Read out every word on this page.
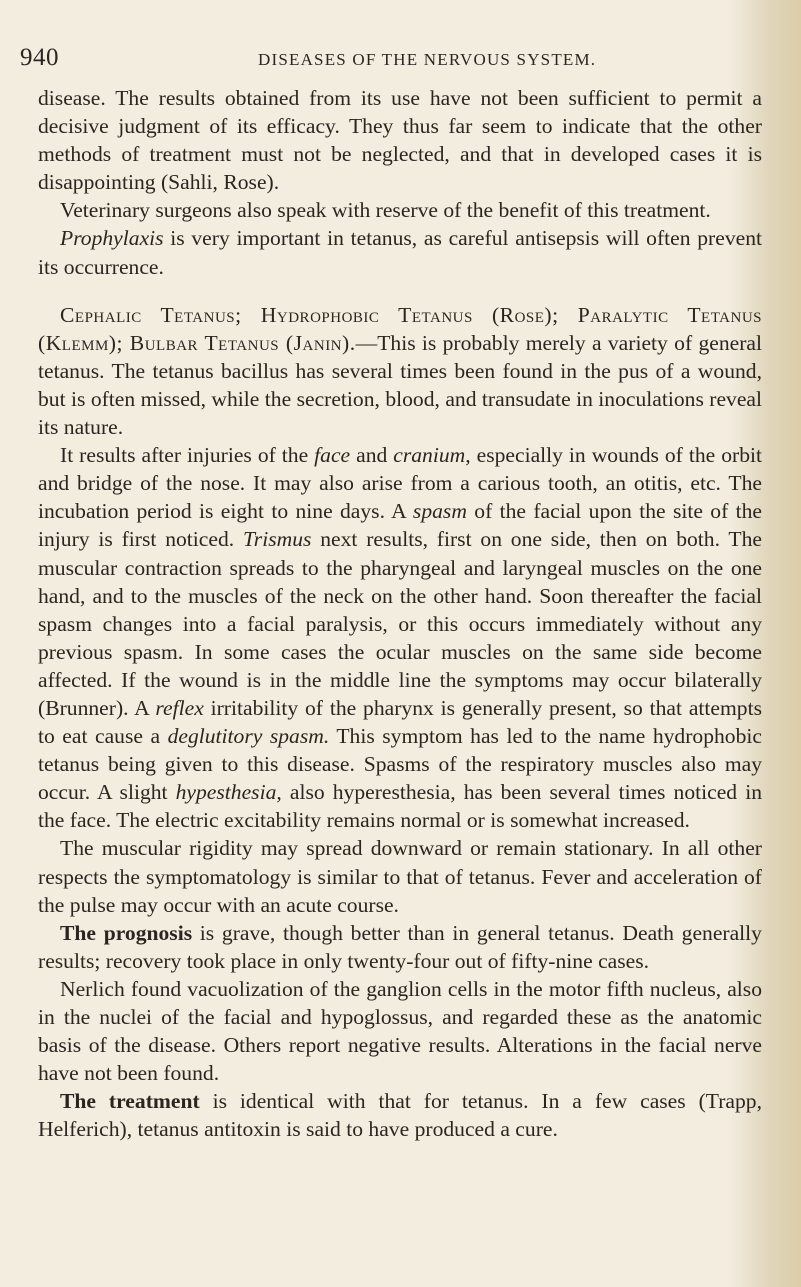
940	DISEASES OF THE NERVOUS SYSTEM.

disease. The results obtained from its use have not been sufficient to permit a decisive judgment of its efficacy. They thus far seem to indicate that the other methods of treatment must not be neglected, and that in developed cases it is disappointing (Sahli, Rose).

Veterinary surgeons also speak with reserve of the benefit of this treatment.

Prophylaxis is very important in tetanus, as careful antisepsis will often prevent its occurrence.

Cephalic Tetanus; Hydrophobic Tetanus (Rose); Paralytic Tetanus (Klemm); Bulbar Tetanus (Janin).—This is probably merely a variety of general tetanus. The tetanus bacillus has several times been found in the pus of a wound, but is often missed, while the secretion, blood, and transudate in inoculations reveal its nature.

It results after injuries of the face and cranium, especially in wounds of the orbit and bridge of the nose. It may also arise from a carious tooth, an otitis, etc. The incubation period is eight to nine days. A spasm of the facial upon the site of the injury is first noticed. Trismus next results, first on one side, then on both. The muscular contraction spreads to the pharyngeal and laryngeal muscles on the one hand, and to the muscles of the neck on the other hand. Soon thereafter the facial spasm changes into a facial paralysis, or this occurs immediately without any previous spasm. In some cases the ocular muscles on the same side become affected. If the wound is in the middle line the symptoms may occur bilaterally (Brunner). A reflex irritability of the pharynx is generally present, so that attempts to eat cause a deglutitory spasm. This symptom has led to the name hydrophobic tetanus being given to this disease. Spasms of the respiratory muscles also may occur. A slight hypesthesia, also hyperesthesia, has been several times noticed in the face. The electric excitability remains normal or is somewhat increased.

The muscular rigidity may spread downward or remain stationary. In all other respects the symptomatology is similar to that of tetanus. Fever and acceleration of the pulse may occur with an acute course.

The prognosis is grave, though better than in general tetanus. Death generally results; recovery took place in only twenty-four out of fifty-nine cases.

Nerlich found vacuolization of the ganglion cells in the motor fifth nucleus, also in the nuclei of the facial and hypoglossus, and regarded these as the anatomic basis of the disease. Others report negative results. Alterations in the facial nerve have not been found.

The treatment is identical with that for tetanus. In a few cases (Trapp, Helferich), tetanus antitoxin is said to have produced a cure.
